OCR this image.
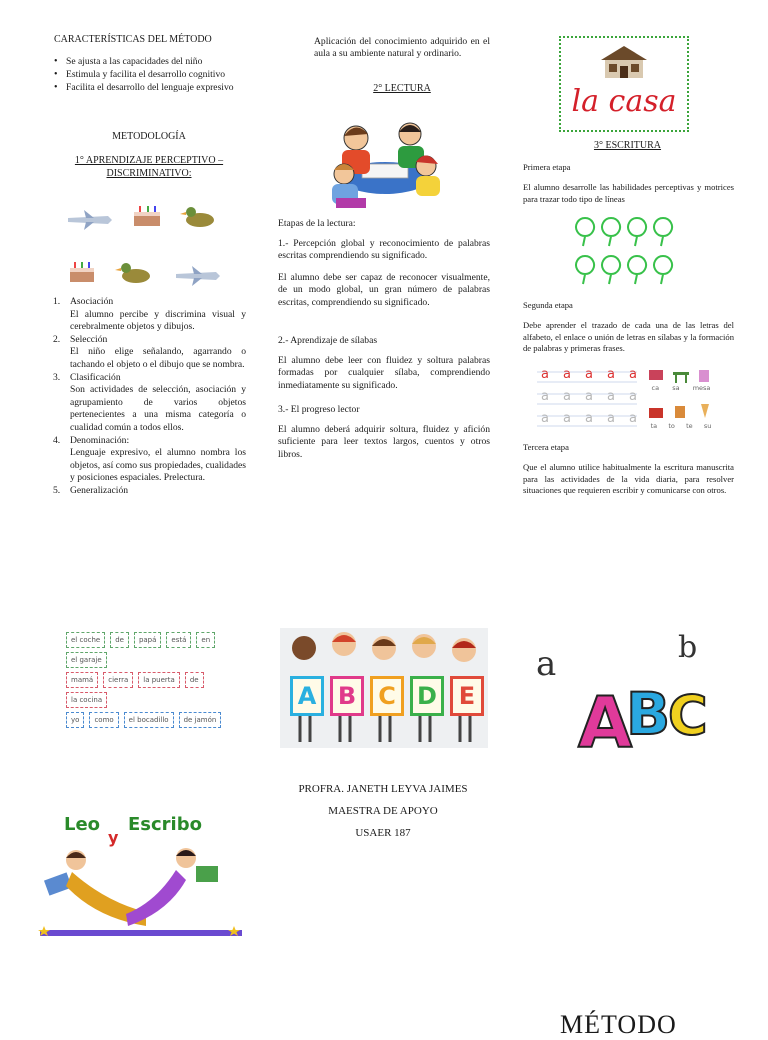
CARACTERÍSTICAS DEL MÉTODO
• Se ajusta a las capacidades del niño
• Estimula y facilita el desarrollo cognitivo
• Facilita el desarrollo del lenguaje expresivo
METODOLOGÍA
1° APRENDIZAJE PERCEPTIVO – DISCRIMINATIVO:
1. Asociación
El alumno percibe y discrimina visual y cerebralmente objetos y dibujos.
2. Selección
El niño elige señalando, agarrando o tachando el objeto o el dibujo que se nombra.
3. Clasificación
Son actividades de selección, asociación y agrupamiento de varios objetos pertenecientes a una misma categoría o cualidad común a todos ellos.
4. Denominación:
Lenguaje expresivo, el alumno nombra los objetos, así como sus propiedades, cualidades y posiciones espaciales. Prelectura.
5. Generalización

Aplicación del conocimiento adquirido en el aula a su ambiente natural y ordinario.

2° LECTURA

Etapas de la lectura:

1.- Percepción global y reconocimiento de palabras escritas comprendiendo su significado.

El alumno debe ser capaz de reconocer visualmente, de un modo global, un gran número de palabras escritas, comprendiendo su significado.

2.- Aprendizaje de sílabas

El alumno debe leer con fluidez y soltura palabras formadas por cualquier sílaba, comprendiendo inmediatamente su significado.

3.- El progreso lector

El alumno deberá adquirir soltura, fluidez y afición suficiente para leer textos largos, cuentos y otros libros.

la casa
3° ESCRITURA
Primera etapa

El alumno desarrolle las habilidades perceptivas y motrices para trazar todo tipo de líneas

Segunda etapa

Debe aprender el trazado de cada una de las letras del alfabeto, el enlace o unión de letras en sílabas y la formación de palabras y primeras frases.

a a a a a
a a a a a
a a a a a
ca sa mesa
ta to te su
Tercera etapa

Que el alumno utilice habitualmente la escritura manuscrita para las actividades de la vida diaria, para resolver situaciones que requieren escribir y comunicarse con otros.

el coche	de	papá	está	en
el garaje
mamá	cierra	la puerta	de
la cocina
yo	como	el bocadillo	de jamón
A B C D E
a	b
A
B
C
PROFRA. JANETH LEYVA JAIMES
MAESTRA DE APOYO
USAER 187
Leo
y
Escribo
MÉTODO
